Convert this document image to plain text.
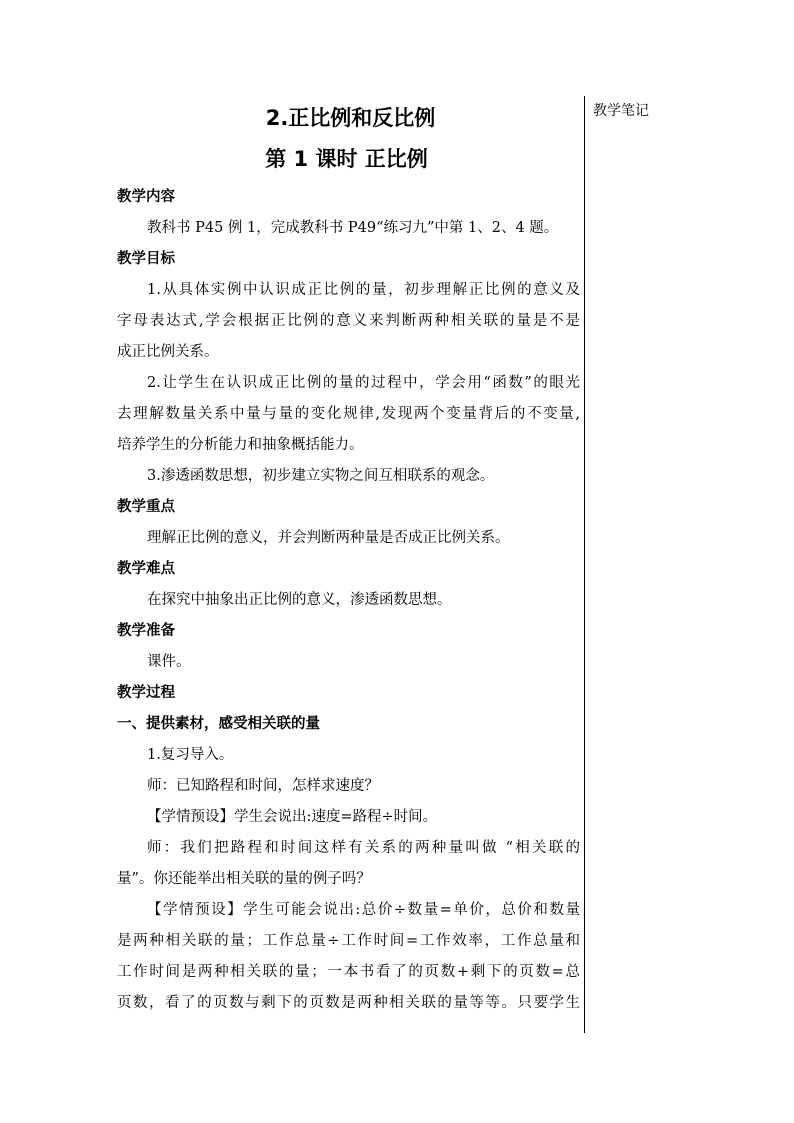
教学笔记
2.正比例和反比例
第 1 课时 正比例
教学内容
教科书 P45 例 1，完成教科书 P49“练习九”中第 1、2、4 题。
教学目标
1.从具体实例中认识成正比例的量，初步理解正比例的意义及
字母表达式,学会根据正比例的意义来判断两种相关联的量是不是
成正比例关系。
2.让学生在认识成正比例的量的过程中，学会用“函数”的眼光
去理解数量关系中量与量的变化规律,发现两个变量背后的不变量,
培养学生的分析能力和抽象概括能力。
3.渗透函数思想，初步建立实物之间互相联系的观念。
教学重点
理解正比例的意义，并会判断两种量是否成正比例关系。
教学难点
在探究中抽象出正比例的意义，渗透函数思想。
教学准备
课件。
教学过程
一、提供素材，感受相关联的量
1.复习导入。
师：已知路程和时间，怎样求速度？
【学情预设】学生会说出:速度=路程÷时间。
师：我们把路程和时间这样有关系的两种量叫做 “相关联的
量”。你还能举出相关联的量的例子吗？
【学情预设】学生可能会说出:总价÷数量=单价，总价和数量
是两种相关联的量；工作总量÷工作时间=工作效率，工作总量和
工作时间是两种相关联的量；一本书看了的页数+剩下的页数=总
页数，看了的页数与剩下的页数是两种相关联的量等等。只要学生
